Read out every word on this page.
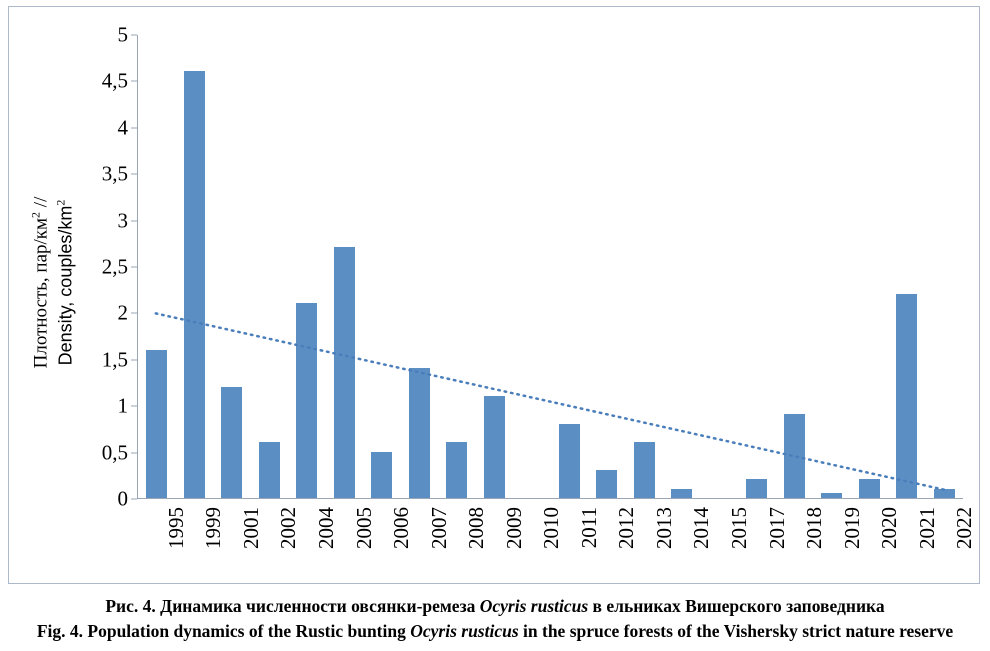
Плотность, пар/$км^2$ //
Density, couples/$km^2$
0
0,5
1
1,5
2
2,5
3
3,5
4
4,5
5
1995 1999 2001 2002 2004 2005 2006 2007 2008 2009 2010 2011 2012 2013 2014 2015 2017 2018 2019 2020 2021 2022
Рис. 4. Динамика численности овсянки-ремеза Ocyris rusticus в ельниках Вишерского заповедника
Fig. 4. Population dynamics of the Rustic bunting Ocyris rusticus in the spruce forests of the Vishersky strict nature reserve
